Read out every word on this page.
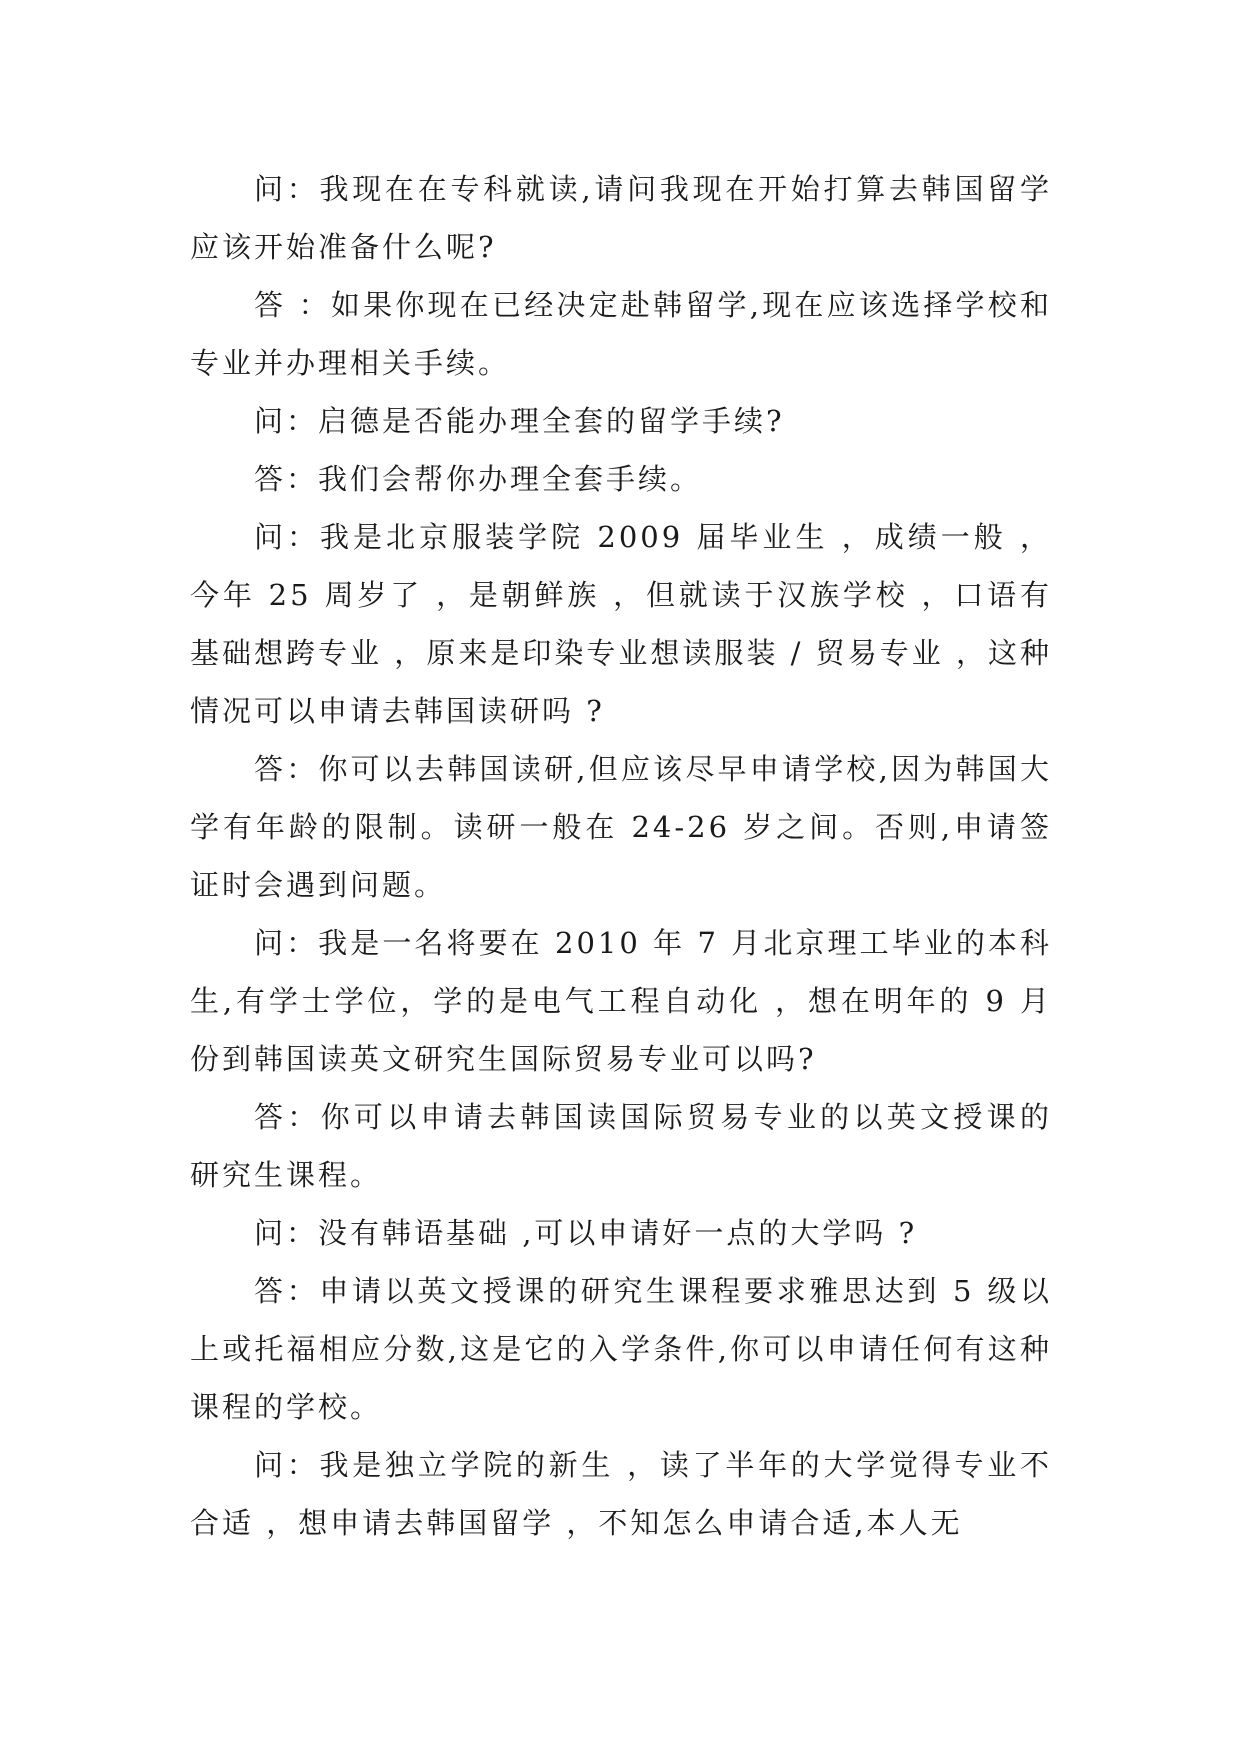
问：我现在在专科就读,请问我现在开始打算去韩国留学应该开始准备什么呢?

答 ：如果你现在已经决定赴韩留学,现在应该选择学校和专业并办理相关手续。

问：启德是否能办理全套的留学手续?

答：我们会帮你办理全套手续。

问：我是北京服装学院 2009 届毕业生 ，成绩一般 ，今年 25 周岁了 ，是朝鲜族 ，但就读于汉族学校 ，口语有基础想跨专业 ，原来是印染专业想读服装 / 贸易专业 ，这种情况可以申请去韩国读研吗 ?

答：你可以去韩国读研,但应该尽早申请学校,因为韩国大学有年龄的限制。读研一般在 24-26 岁之间。否则,申请签证时会遇到问题。

问：我是一名将要在 2010 年 7 月北京理工毕业的本科生,有学士学位，学的是电气工程自动化 ，想在明年的 9 月份到韩国读英文研究生国际贸易专业可以吗?

答：你可以申请去韩国读国际贸易专业的以英文授课的研究生课程。

问：没有韩语基础 ,可以申请好一点的大学吗 ?

答：申请以英文授课的研究生课程要求雅思达到 5 级以上或托福相应分数,这是它的入学条件,你可以申请任何有这种课程的学校。

问：我是独立学院的新生 ，读了半年的大学觉得专业不合适 ，想申请去韩国留学 ，不知怎么申请合适,本人无
